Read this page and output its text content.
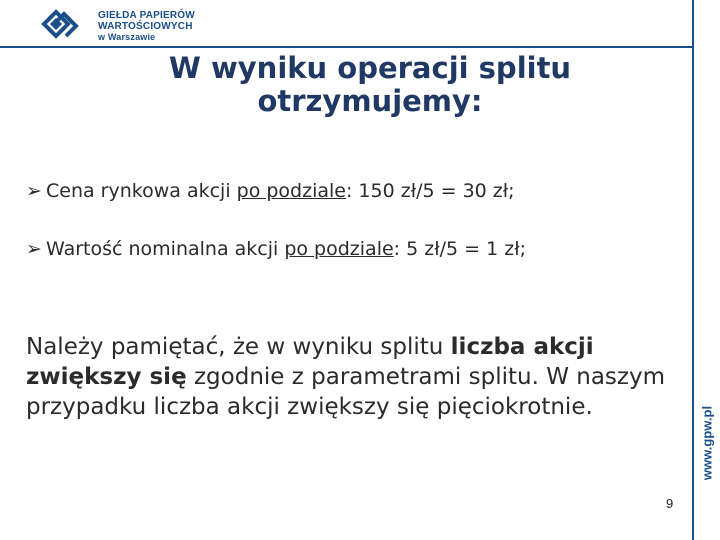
GIEŁDA PAPIERÓW
WARTOŚCIOWYCH
w Warszawie
W wyniku operacji splitu
otrzymujemy:
➢ Cena rynkowa akcji po podziale: 150 zł/5 = 30 zł;
➢ Wartość nominalna akcji po podziale: 5 zł/5 = 1 zł;
Należy pamiętać, że w wyniku splitu liczba akcji zwiększy się zgodnie z parametrami splitu. W naszym przypadku liczba akcji zwiększy się pięciokrotnie.	www.gpw.pl
9
